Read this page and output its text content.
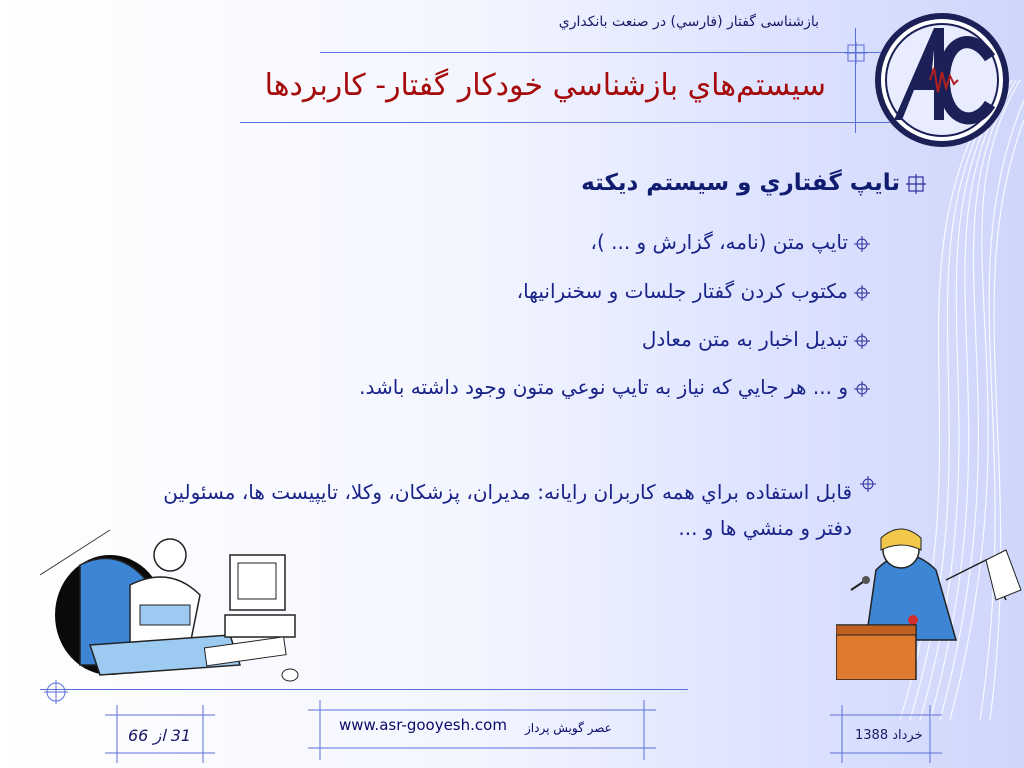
بازشناسی گفتار (فارسي) در صنعت بانکداري
سيستم‌هاي بازشناسي خودکار گفتار- کاربردها
تايپ گفتاري و سيستم ديکته
تايپ متن (نامه، گزارش و ... )،
مکتوب کردن گفتار جلسات و سخنرانيها،
تبديل اخبار به متن معادل
و ... هر جايي که نياز به تايپ نوعي متون وجود داشته باشد.
قابل استفاده براي همه کاربران رايانه: مديران، پزشکان، وکلا، تايپيست ها، مسئولين دفتر و منشي ها و ...
31 از 66
www.asr-gooyesh.com عصر گويش پرداز	خرداد 1388
